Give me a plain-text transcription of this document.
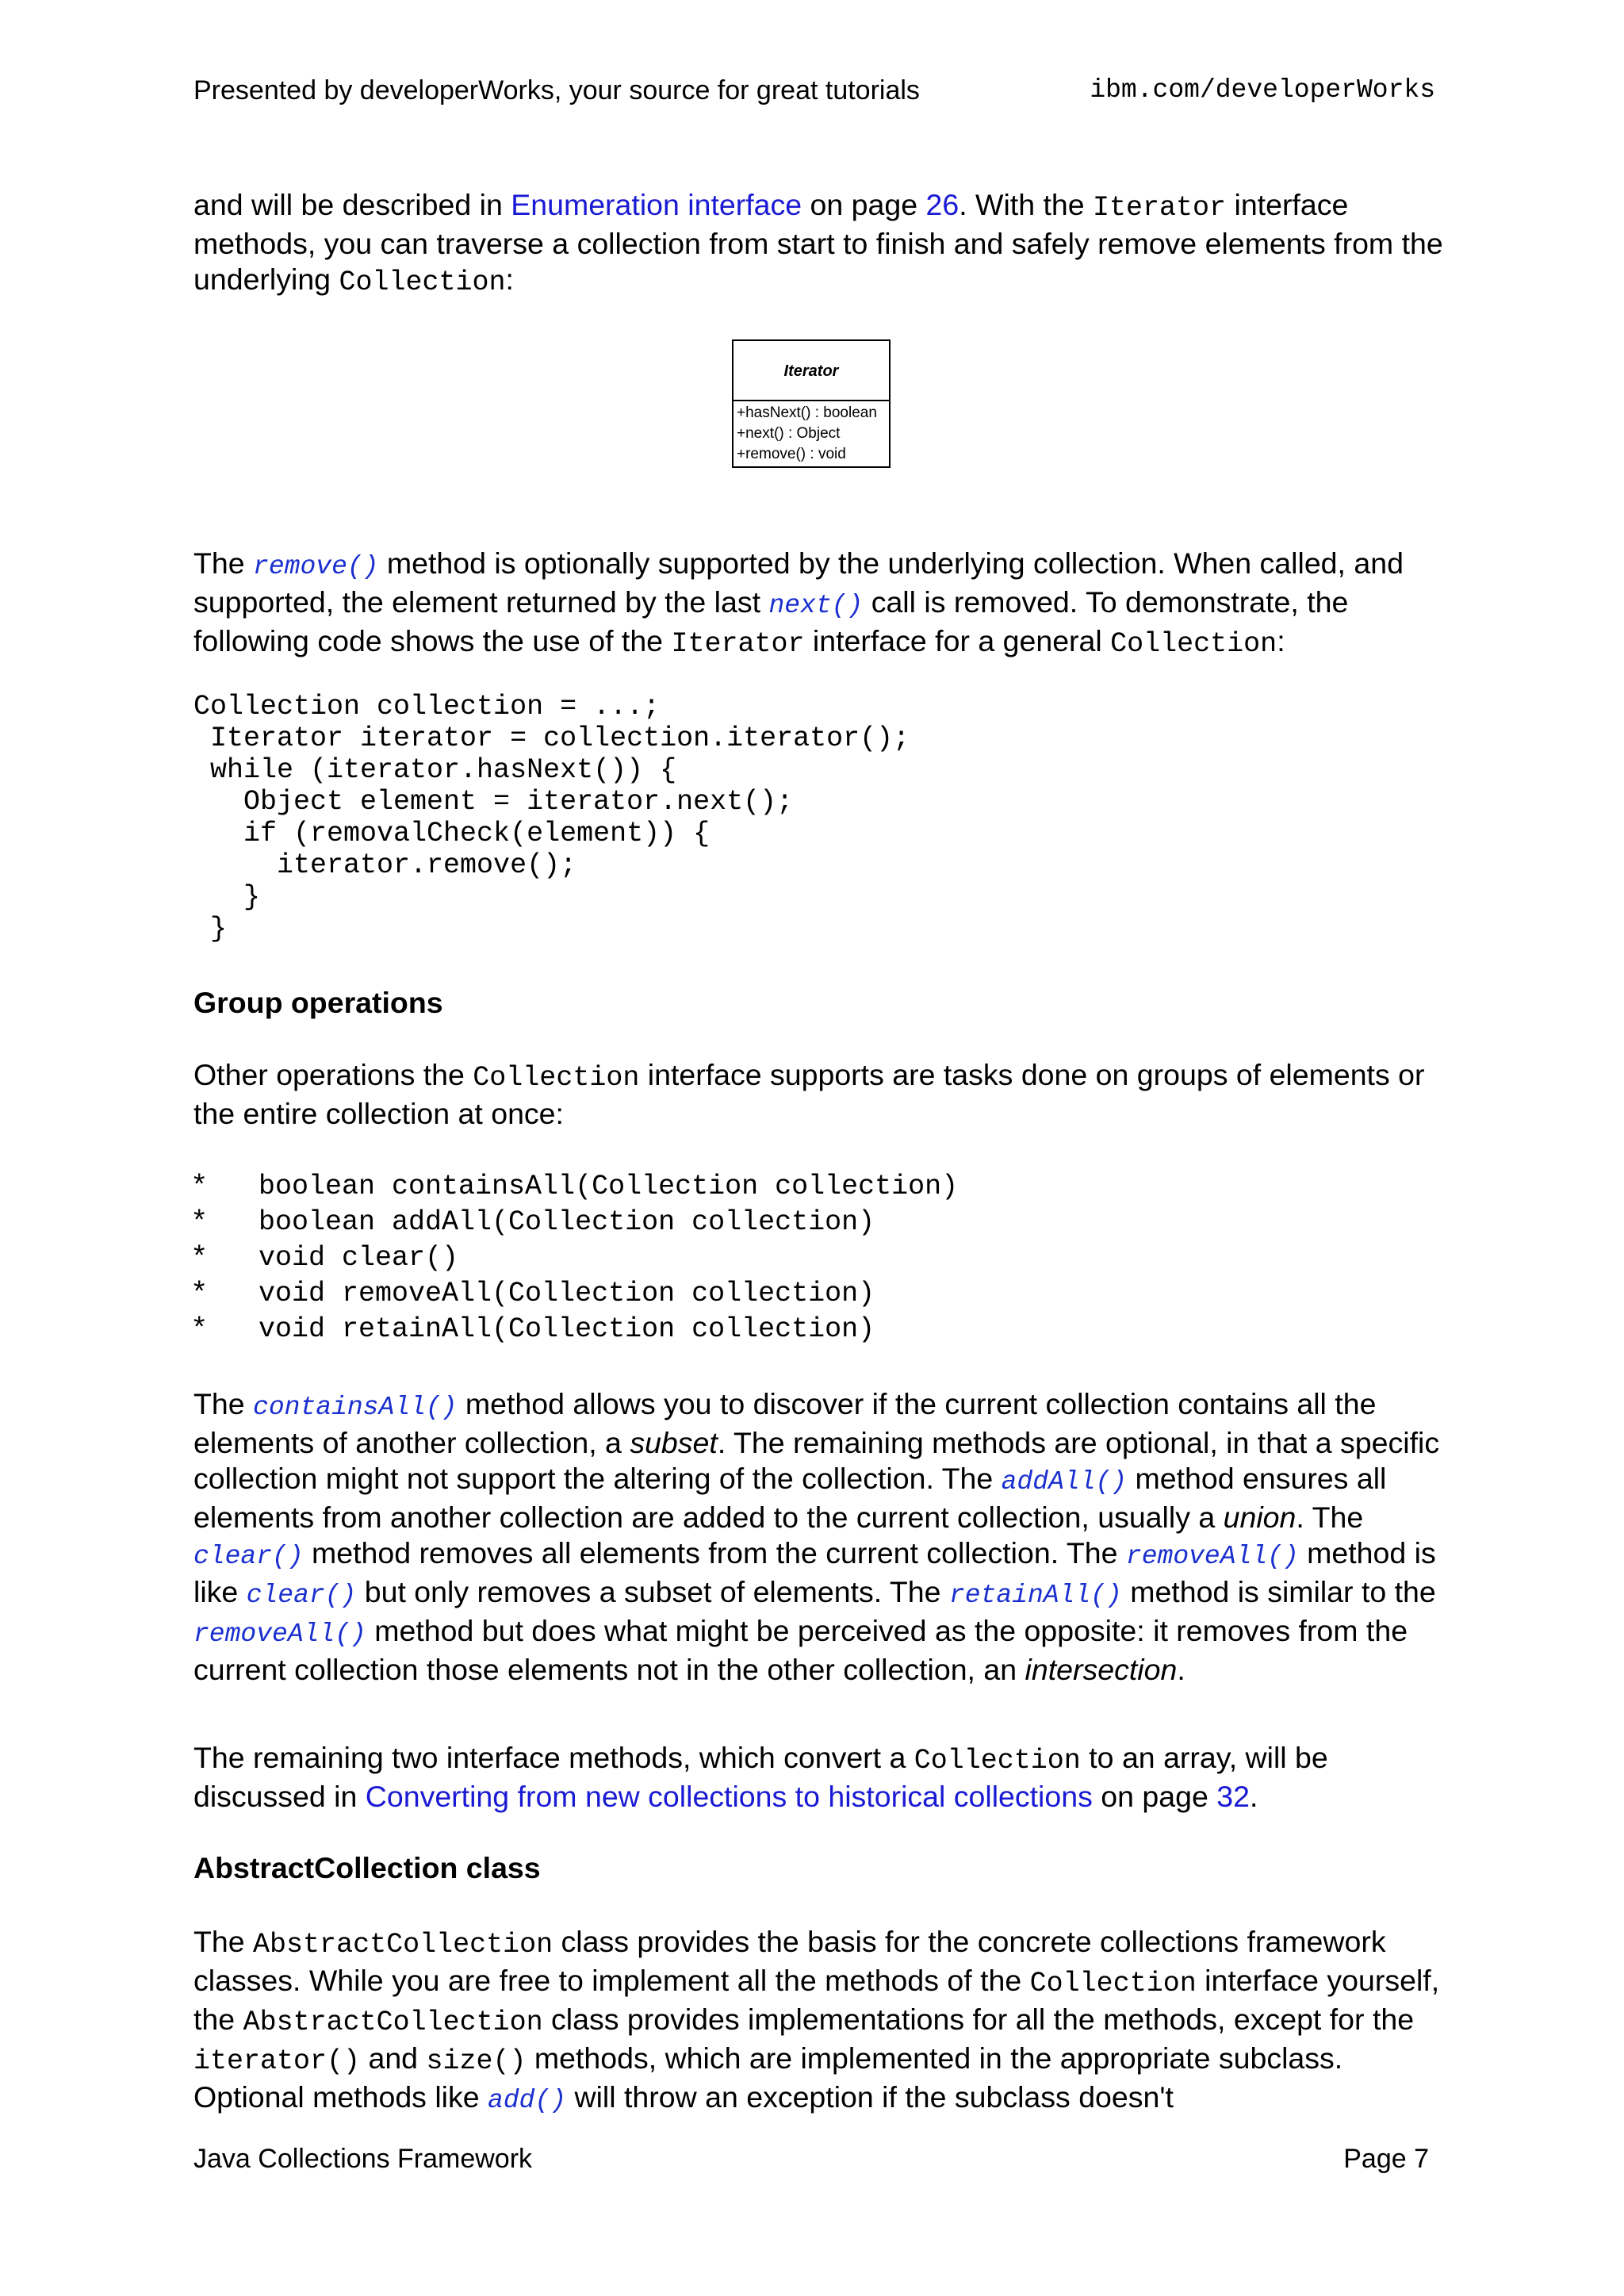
Presented by developerWorks, your source for great tutorials	ibm.com/developerWorks

and will be described in Enumeration interface on page 26. With the Iterator interface methods, you can traverse a collection from start to finish and safely remove elements from the underlying Collection:

Iterator
+hasNext() : boolean
+next() : Object
+remove() : void

The remove() method is optionally supported by the underlying collection. When called, and supported, the element returned by the last next() call is removed. To demonstrate, the following code shows the use of the Iterator interface for a general Collection:

Collection collection = ...;
Iterator iterator = collection.iterator();
while (iterator.hasNext()) {
Object element = iterator.next();
if (removalCheck(element)) {
iterator.remove();
}
}
Group operations

Other operations the Collection interface supports are tasks done on groups of elements or the entire collection at once:

* boolean containsAll(Collection collection)
* boolean addAll(Collection collection)
* void clear()
* void removeAll(Collection collection)
* void retainAll(Collection collection)

The containsAll() method allows you to discover if the current collection contains all the elements of another collection, a subset. The remaining methods are optional, in that a specific collection might not support the altering of the collection. The addAll() method ensures all elements from another collection are added to the current collection, usually a union. The clear() method removes all elements from the current collection. The removeAll() method is like clear() but only removes a subset of elements. The retainAll() method is similar to the removeAll() method but does what might be perceived as the opposite: it removes from the current collection those elements not in the other collection, an intersection.

The remaining two interface methods, which convert a Collection to an array, will be discussed in Converting from new collections to historical collections on page 32.

AbstractCollection class

The AbstractCollection class provides the basis for the concrete collections framework classes. While you are free to implement all the methods of the Collection interface yourself, the AbstractCollection class provides implementations for all the methods, except for the iterator() and size() methods, which are implemented in the appropriate subclass. Optional methods like add() will throw an exception if the subclass doesn't

Java Collections Framework	Page 7
